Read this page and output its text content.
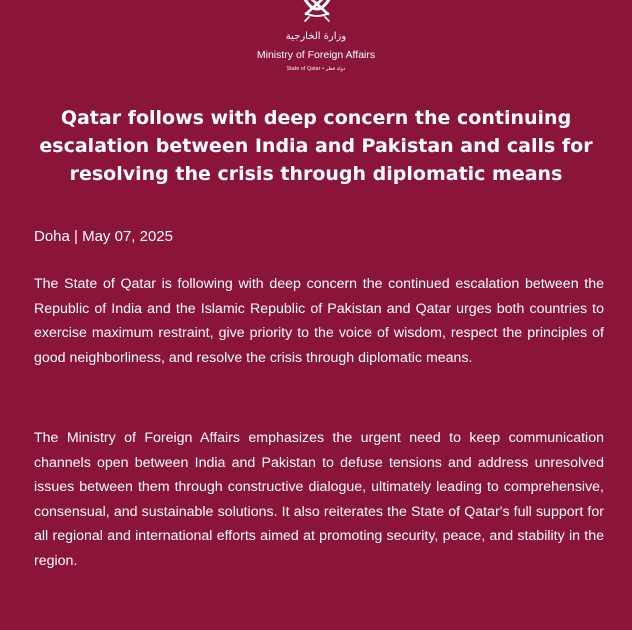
وزارة الخارجية
Ministry of Foreign Affairs
State of Qatar • دولة قطر
Qatar follows with deep concern the continuing escalation between India and Pakistan and calls for resolving the crisis through diplomatic means
Doha | May 07, 2025

The State of Qatar is following with deep concern the continued escalation between the Republic of India and the Islamic Republic of Pakistan and Qatar urges both countries to exercise maximum restraint, give priority to the voice of wisdom, respect the principles of good neighborliness, and resolve the crisis through diplomatic means.

The Ministry of Foreign Affairs emphasizes the urgent need to keep communication channels open between India and Pakistan to defuse tensions and address unresolved issues between them through constructive dialogue, ultimately leading to comprehensive, consensual, and sustainable solutions. It also reiterates the State of Qatar's full support for all regional and international efforts aimed at promoting security, peace, and stability in the region.
